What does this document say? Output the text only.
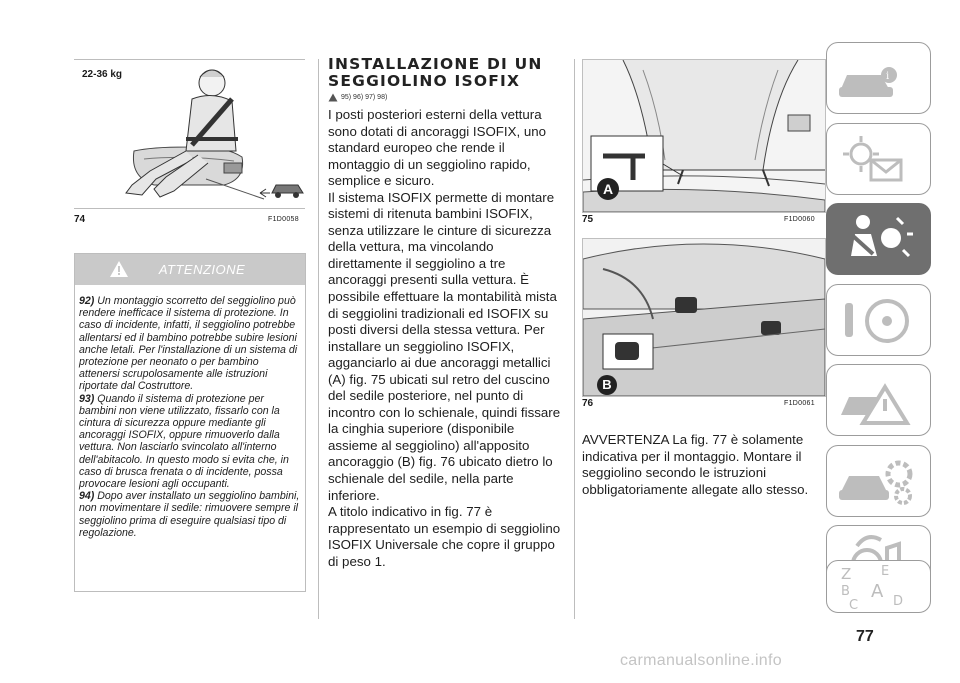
22-36 kg
74	F1D0058
ATTENZIONE

92) Un montaggio scorretto del seggiolino può rendere inefficace il sistema di protezione. In caso di incidente, infatti, il seggiolino potrebbe allentarsi ed il bambino potrebbe subire lesioni anche letali. Per l'installazione di un sistema di protezione per neonato o per bambino attenersi scrupolosamente alle istruzioni riportate dal Costruttore.

93) Quando il sistema di protezione per bambini non viene utilizzato, fissarlo con la cintura di sicurezza oppure mediante gli ancoraggi ISOFIX, oppure rimuoverlo dalla vettura. Non lasciarlo svincolato all'interno dell'abitacolo. In questo modo si evita che, in caso di brusca frenata o di incidente, possa provocare lesioni agli occupanti.

94) Dopo aver installato un seggiolino bambini, non movimentare il sedile: rimuovere sempre il seggiolino prima di eseguire qualsiasi tipo di regolazione.

INSTALLAZIONE DI UN
SEGGIOLINO ISOFIX
95) 96) 97) 98)

I posti posteriori esterni della vettura sono dotati di ancoraggi ISOFIX, uno standard europeo che rende il montaggio di un seggiolino rapido, semplice e sicuro.

Il sistema ISOFIX permette di montare sistemi di ritenuta bambini ISOFIX, senza utilizzare le cinture di sicurezza della vettura, ma vincolando direttamente il seggiolino a tre ancoraggi presenti sulla vettura. È possibile effettuare la montabilità mista di seggiolini tradizionali ed ISOFIX su posti diversi della stessa vettura. Per installare un seggiolino ISOFIX, agganciarlo ai due ancoraggi metallici (A) fig. 75 ubicati sul retro del cuscino del sedile posteriore, nel punto di incontro con lo schienale, quindi fissare la cinghia superiore (disponibile assieme al seggiolino) all'apposito ancoraggio (B) fig. 76 ubicato dietro lo schienale del sedile, nella parte inferiore.

A titolo indicativo in fig. 77 è rappresentato un esempio di seggiolino ISOFIX Universale che copre il gruppo di peso 1.

A
75	F1D0060
B
76	F1D0061

AVVERTENZA La fig. 77 è solamente indicativa per il montaggio. Montare il seggiolino secondo le istruzioni obbligatoriamente allegate allo stesso.

i
Z E
B A
C	D
77
carmanualsonline.info
